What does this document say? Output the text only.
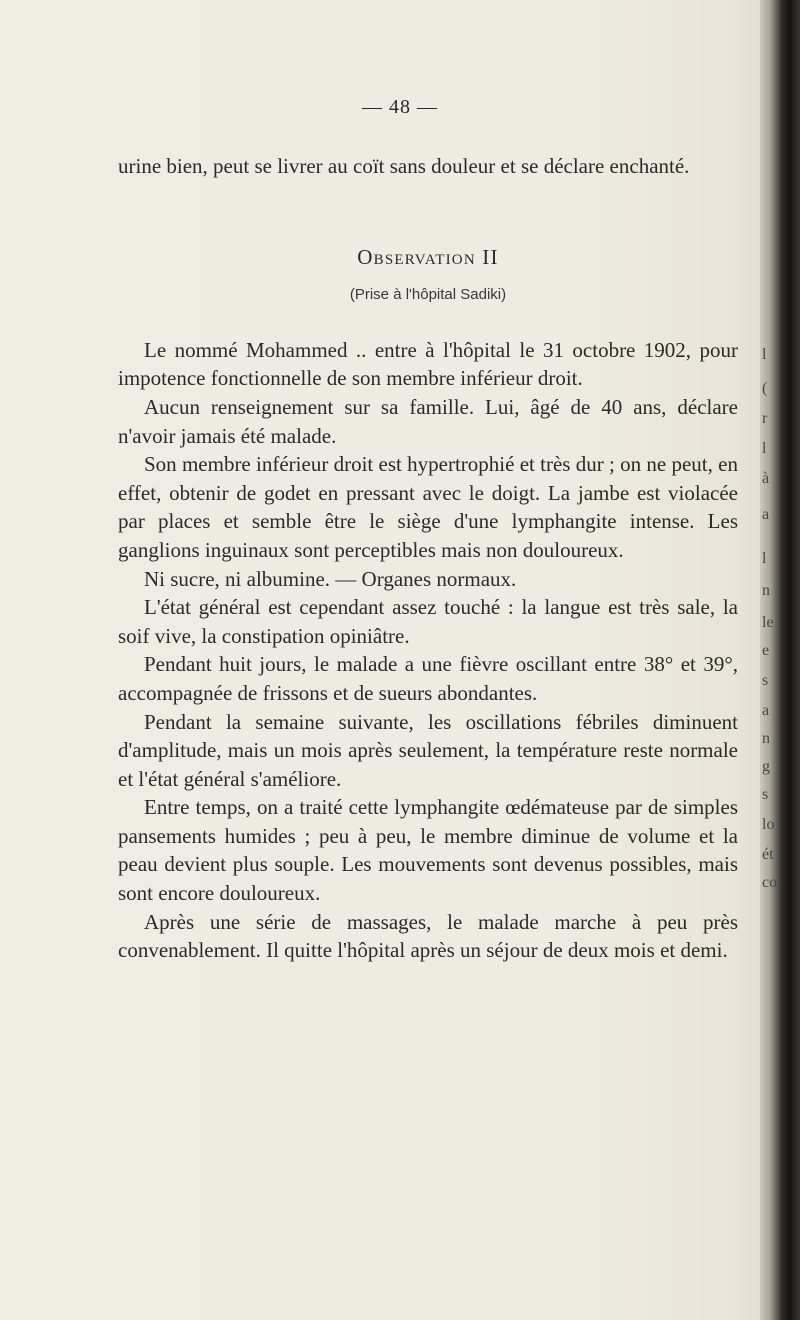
— 48 —

urine bien, peut se livrer au coït sans douleur et se déclare enchanté.

Observation II
(Prise à l'hôpital Sadiki)

Le nommé Mohammed .. entre à l'hôpital le 31 octobre 1902, pour impotence fonctionnelle de son membre inférieur droit.

Aucun renseignement sur sa famille. Lui, âgé de 40 ans, déclare n'avoir jamais été malade.

Son membre inférieur droit est hypertrophié et très dur ; on ne peut, en effet, obtenir de godet en pressant avec le doigt. La jambe est violacée par places et semble être le siège d'une lymphangite intense. Les ganglions inguinaux sont perceptibles mais non douloureux.

Ni sucre, ni albumine. — Organes normaux.

L'état général est cependant assez touché : la langue est très sale, la soif vive, la constipation opiniâtre.

Pendant huit jours, le malade a une fièvre oscillant entre 38° et 39°, accompagnée de frissons et de sueurs abondantes.

Pendant la semaine suivante, les oscillations fébriles diminuent d'amplitude, mais un mois après seulement, la température reste normale et l'état général s'améliore.

Entre temps, on a traité cette lymphangite œdémateuse par de simples pansements humides ; peu à peu, le membre diminue de volume et la peau devient plus souple. Les mouvements sont devenus possibles, mais sont encore douloureux.

Après une série de massages, le malade marche à peu près convenablement. Il quitte l'hôpital après un séjour de deux mois et demi.

l
(
r
l
à
a
l
n
le
e
s
a
n
g
s
lo
ét
co
